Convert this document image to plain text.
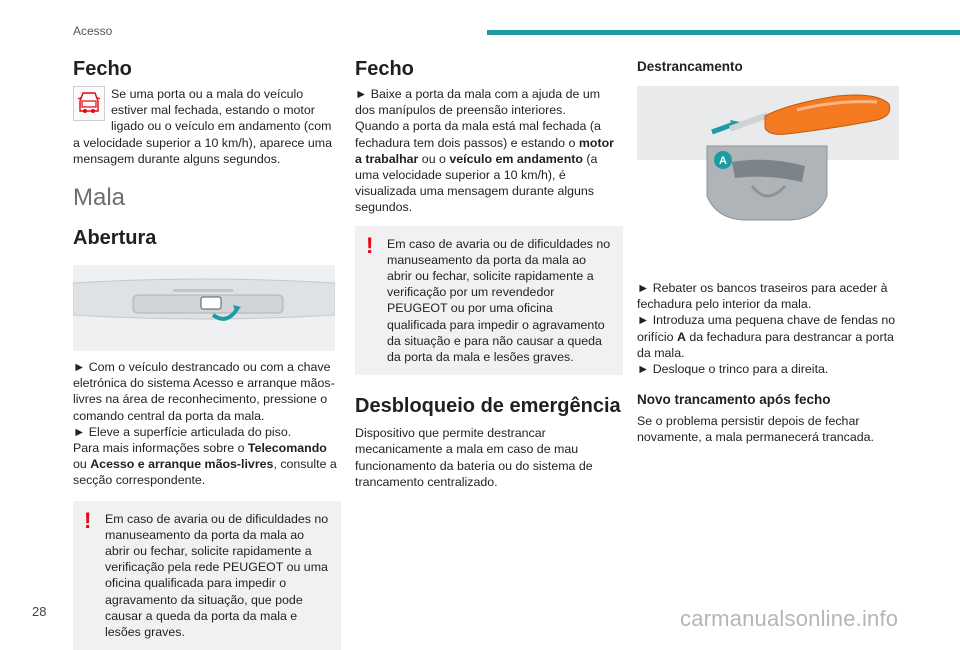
Acesso
Fecho

Se uma porta ou a mala do veículo estiver mal fechada, estando o motor ligado ou o veículo em andamento (com a velocidade superior a 10 km/h), aparece uma mensagem durante alguns segundos.

Mala
Abertura

► Com o veículo destrancado ou com a chave eletrónica do sistema Acesso e arranque mãos-livres na área de reconhecimento, pressione o comando central da porta da mala.

► Eleve a superfície articulada do piso.

Para mais informações sobre o Telecomando ou Acesso e arranque mãos-livres, consulte a secção correspondente.

!	Em caso de avaria ou de dificuldades no manuseamento da porta da mala ao abrir ou fechar, solicite rapidamente a verificação pela rede PEUGEOT ou uma oficina qualificada para impedir o agravamento da situação, que pode causar a queda da porta da mala e lesões graves.

Fecho

► Baixe a porta da mala com a ajuda de um dos manípulos de preensão interiores.

Quando a porta da mala está mal fechada (a fechadura tem dois passos) e estando o motor a trabalhar ou o veículo em andamento (a uma velocidade superior a 10 km/h), é visualizada uma mensagem durante alguns segundos.

!	Em caso de avaria ou de dificuldades no manuseamento da porta da mala ao abrir ou fechar, solicite rapidamente a verificação por um revendedor PEUGEOT ou por uma oficina qualificada para impedir o agravamento da situação e para não causar a queda da porta da mala e lesões graves.

Desbloqueio de emergência

Dispositivo que permite destrancar mecanicamente a mala em caso de mau funcionamento da bateria ou do sistema de trancamento centralizado.

Destrancamento
A

► Rebater os bancos traseiros para aceder à fechadura pelo interior da mala.

► Introduza uma pequena chave de fendas no orifício A da fechadura para destrancar a porta da mala.

► Desloque o trinco para a direita.

Novo trancamento após fecho

Se o problema persistir depois de fechar novamente, a mala permanecerá trancada.

28	carmanualsonline.info
